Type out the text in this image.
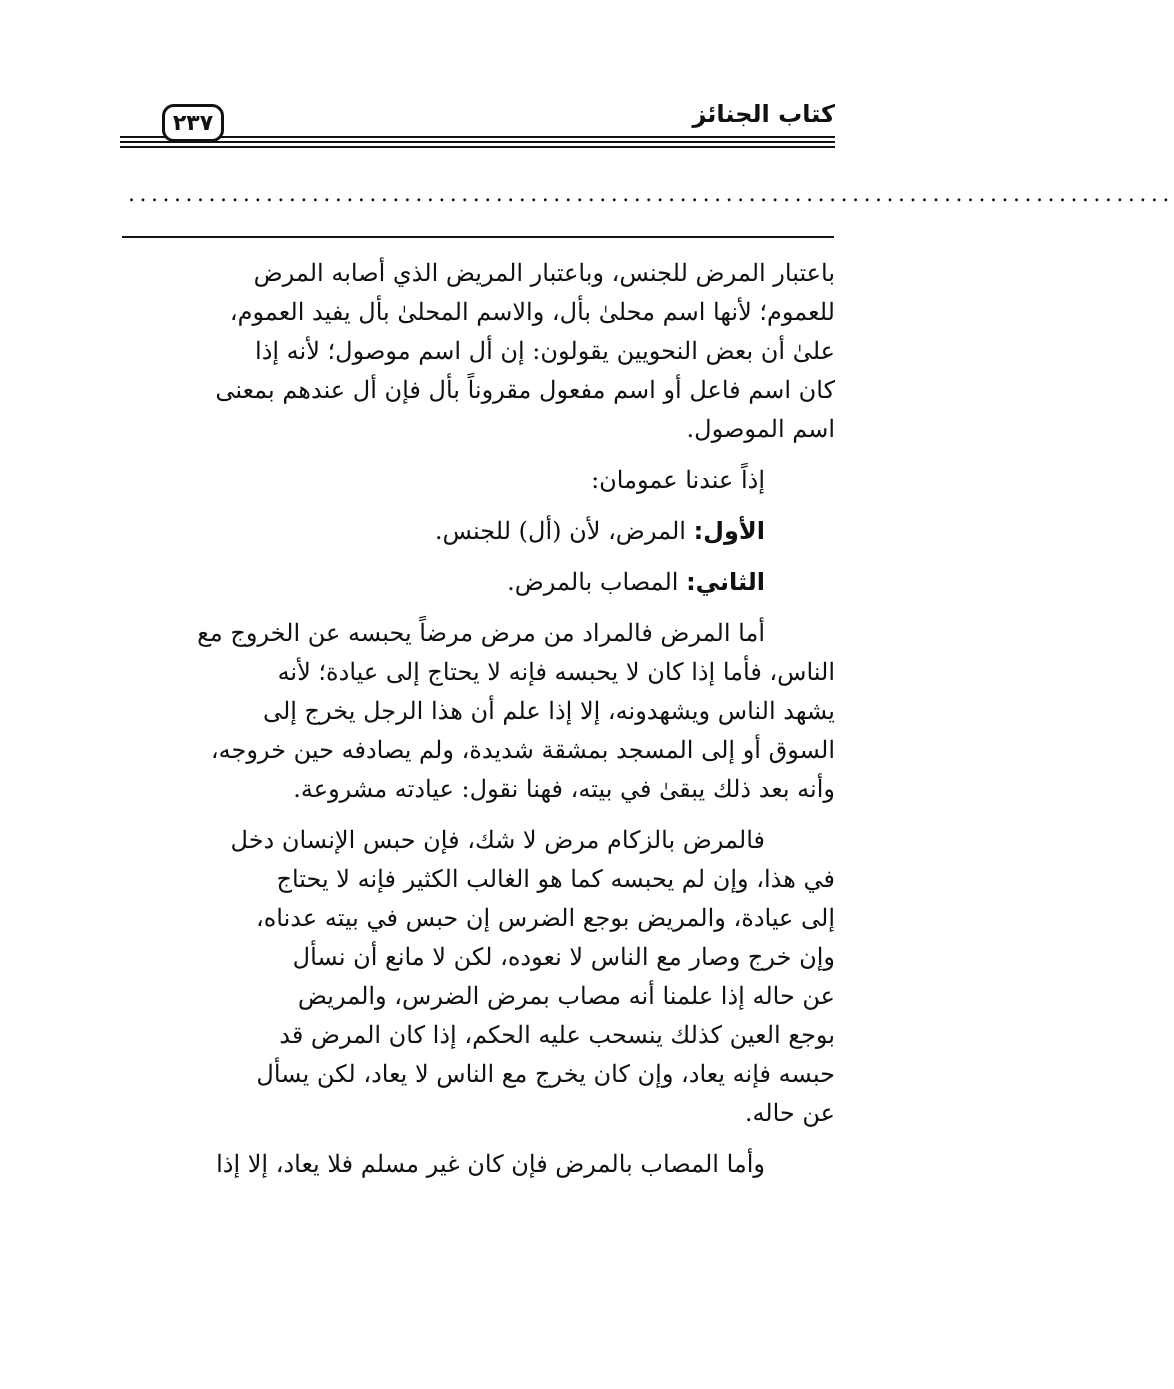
كتاب الجنائز
٢٣٧
...........................................................................................
باعتبار المرض للجنس، وباعتبار المريض الذي أصابه المرض
للعموم؛ لأنها اسم محلىٰ بأل، والاسم المحلىٰ بأل يفيد العموم،
علىٰ أن بعض النحويين يقولون: إن أل اسم موصول؛ لأنه إذا
كان اسم فاعل أو اسم مفعول مقروناً بأل فإن أل عندهم بمعنى
اسم الموصول.
إذاً عندنا عمومان:
الأول: المرض، لأن (أل) للجنس.
الثاني: المصاب بالمرض.
أما المرض فالمراد من مرض مرضاً يحبسه عن الخروج مع
الناس، فأما إذا كان لا يحبسه فإنه لا يحتاج إلى عيادة؛ لأنه
يشهد الناس ويشهدونه، إلا إذا علم أن هذا الرجل يخرج إلى
السوق أو إلى المسجد بمشقة شديدة، ولم يصادفه حين خروجه،
وأنه بعد ذلك يبقىٰ في بيته، فهنا نقول: عيادته مشروعة.
فالمرض بالزكام مرض لا شك، فإن حبس الإنسان دخل
في هذا، وإن لم يحبسه كما هو الغالب الكثير فإنه لا يحتاج
إلى عيادة، والمريض بوجع الضرس إن حبس في بيته عدناه،
وإن خرج وصار مع الناس لا نعوده، لكن لا مانع أن نسأل
عن حاله إذا علمنا أنه مصاب بمرض الضرس، والمريض
بوجع العين كذلك ينسحب عليه الحكم، إذا كان المرض قد
حبسه فإنه يعاد، وإن كان يخرج مع الناس لا يعاد، لكن يسأل
عن حاله.
وأما المصاب بالمرض فإن كان غير مسلم فلا يعاد، إلا إذا
